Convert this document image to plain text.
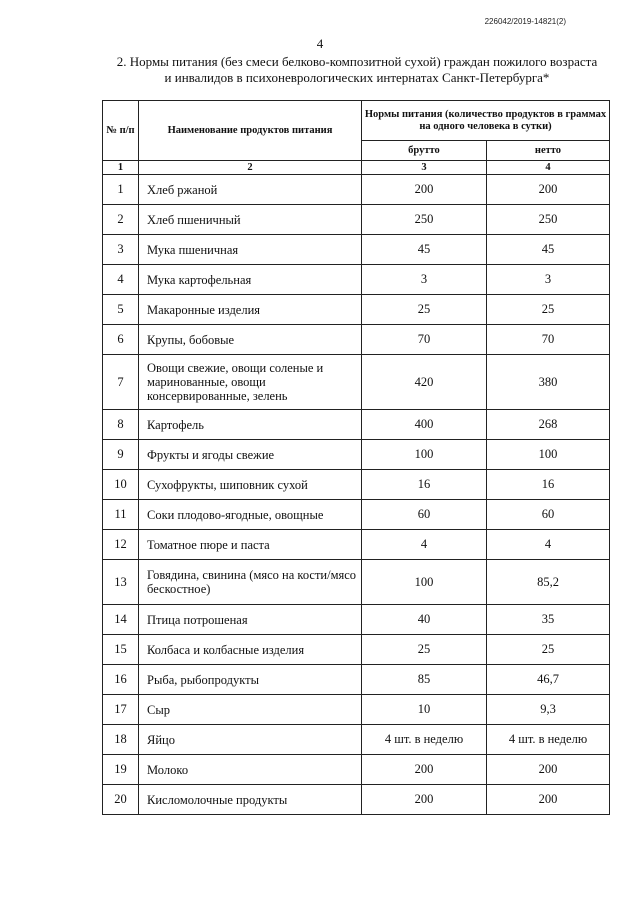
226042/2019-14821(2)
4
2. Нормы питания (без смеси белково-композитной сухой) граждан пожилого возраста
и инвалидов в психоневрологических интернатах Санкт-Петербурга*
№ п/п	Наименование продуктов питания	Нормы питания (количество продуктов в граммах на одного человека в сутки)	
		брутто	нетто
1	2	3	4
1	Хлеб ржаной	200	200
2	Хлеб пшеничный	250	250
3	Мука пшеничная	45	45
4	Мука картофельная	3	3
5	Макаронные изделия	25	25
6	Крупы, бобовые	70	70
7	Овощи свежие, овощи соленые и маринованные, овощи консервированные, зелень	420	380
8	Картофель	400	268
9	Фрукты и ягоды свежие	100	100
10	Сухофрукты, шиповник сухой	16	16
11	Соки плодово-ягодные, овощные	60	60
12	Томатное пюре и паста	4	4
13	Говядина, свинина (мясо на кости/мясо бескостное)	100	85,2
14	Птица потрошеная	40	35
15	Колбаса и колбасные изделия	25	25
16	Рыба, рыбопродукты	85	46,7
17	Сыр	10	9,3
18	Яйцо	4 шт. в неделю	4 шт. в неделю
19	Молоко	200	200
20	Кисломолочные продукты	200	200
